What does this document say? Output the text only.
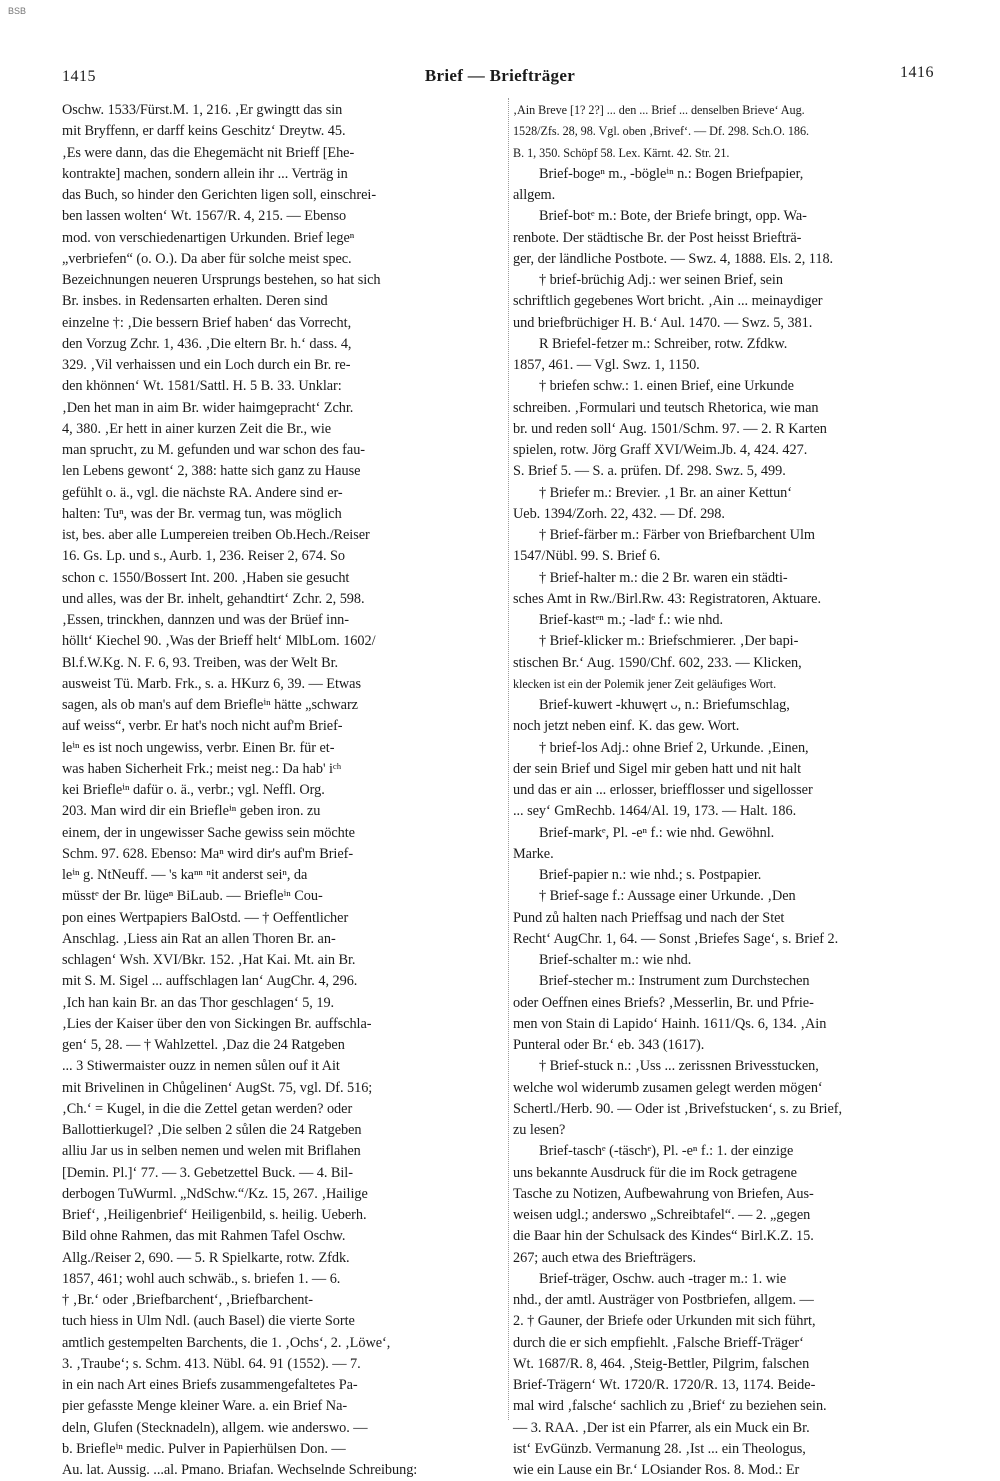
BSB
1415	Brief — Briefträger	1416
Oschw. 1533/Fürst.M. 1, 216. ‚Er gwingtt das sin
mit Bryffenn, er darff keins Geschitz‘ Dreytw. 45.
‚Es were dann, das die Ehegemächt nit Brieff [Ehe-
kontrakte] machen, sondern allein ihr ... Verträg in
das Buch, so hinder den Gerichten ligen soll, einschrei-
ben lassen wolten‘ Wt. 1567/R. 4, 215. — Ebenso
mod. von verschiedenartigen Urkunden. Brief legeⁿ
„verbriefen“ (o. O.). Da aber für solche meist spec.
Bezeichnungen neueren Ursprungs bestehen, so hat sich
Br. insbes. in Redensarten erhalten. Deren sind
einzelne †: ‚Die bessern Brief haben‘ das Vorrecht,
den Vorzug Zchr. 1, 436. ‚Die eltern Br. h.‘ dass. 4,
329. ‚Vil verhaissen und ein Loch durch ein Br. re-
den khönnen‘ Wt. 1581/Sattl. H. 5 B. 33. Unklar:
‚Den het man in aim Br. wider haimgepracht‘ Zchr.
4, 380. ‚Er hett in ainer kurzen Zeit die Br., wie
man spruchτ, zu M. gefunden und war schon des fau-
len Lebens gewont‘ 2, 388: hatte sich ganz zu Hause
gefühlt o. ä., vgl. die nächste RA. Andere sind er-
halten: Tuⁿ, was der Br. vermag tun, was möglich
ist, bes. aber alle Lumpereien treiben Ob.Hech./Reiser
16. Gs. Lp. und s., Aurb. 1, 236. Reiser 2, 674. So
schon c. 1550/Bossert Int. 200. ‚Haben sie gesucht
und alles, was der Br. inhelt, gehandtirt‘ Zchr. 2, 598.
‚Essen, trinckhen, dannzen und was der Brüef inn-
höllt‘ Kiechel 90. ‚Was der Brieff helt‘ MlbLom. 1602/
Bl.f.W.Kg. N. F. 6, 93. Treiben, was der Welt Br.
ausweist Tü. Marb. Frk., s. a. HKurz 6, 39. — Etwas
sagen, als ob man's auf dem Briefleⁱⁿ hätte „schwarz
auf weiss“, verbr. Er hat's noch nicht auf'm Brief-
leⁱⁿ es ist noch ungewiss, verbr. Einen Br. für et-
was haben Sicherheit Frk.; meist neg.: Da hab' iᶜʰ
kei Briefleⁱⁿ dafür o. ä., verbr.; vgl. Neffl. Org.
203. Man wird dir ein Briefleⁱⁿ geben iron. zu
einem, der in ungewisser Sache gewiss sein möchte
Schm. 97. 628. Ebenso: Maⁿ wird dir's auf'm Brief-
leⁱⁿ g. NtNeuff. — 's kaⁿⁿ ⁿit anderst seiⁿ, da
müsstᵉ der Br. lügeⁿ BiLaub. — Briefleⁱⁿ Cou-
pon eines Wertpapiers BalOstd. — † Oeffentlicher
Anschlag. ‚Liess ain Rat an allen Thoren Br. an-
schlagen‘ Wsh. XVI/Bkr. 152. ‚Hat Kai. Mt. ain Br.
mit S. M. Sigel ... auffschlagen lan‘ AugChr. 4, 296.
‚Ich han kain Br. an das Thor geschlagen‘ 5, 19.
‚Lies der Kaiser über den von Sickingen Br. auffschla-
gen‘ 5, 28. — † Wahlzettel. ‚Daz die 24 Ratgeben
... 3 Stiwermaister ouzz in nemen sůlen ouf it Ait
mit Brivelinen in Chůgelinen‘ AugSt. 75, vgl. Df. 516;
‚Ch.‘ = Kugel, in die die Zettel getan werden? oder
Ballottierkugel? ‚Die selben 2 sůlen die 24 Ratgeben
alliu Jar us in selben nemen und welen mit Briflahen
[Demin. Pl.]‘ 77. — 3. Gebetzettel Buck. — 4. Bil-
derbogen TuWurml. „NdSchw.“/Kz. 15, 267. ‚Hailige
Brief‘, ‚Heiligenbrief‘ Heiligenbild, s. heilig. Ueberh.
Bild ohne Rahmen, das mit Rahmen Tafel Oschw.
Allg./Reiser 2, 690. — 5. R Spielkarte, rotw. Zfdk.
1857, 461; wohl auch schwäb., s. briefen 1. — 6.
† ‚Br.‘ oder ‚Briefbarchent‘, ‚Briefbarchent-
tuch hiess in Ulm Ndl. (auch Basel) die vierte Sorte
amtlich gestempelten Barchents, die 1. ‚Ochs‘, 2. ‚Löwe‘,
3. ‚Traube‘; s. Schm. 413. Nübl. 64. 91 (1552). — 7.
in ein nach Art eines Briefs zusammengefaltetes Pa-
pier gefasste Menge kleiner Ware. a. ein Brief Na-
deln, Glufen (Stecknadeln), allgem. wie anderswo. —
b. Briefleⁱⁿ medic. Pulver in Papierhülsen Don. —
Au. lat. Aussig. ...al. Pmano. Briafan. Wechselnde Schreibung:
‚Ain Breve [1? 2?] ... den ... Brief ... denselben Brieve‘ Aug.
1528/Zfs. 28, 98. Vgl. oben ‚Brivef‘. — Df. 298. Sch.O. 186.
B. 1, 350. Schöpf 58. Lex. Kärnt. 42. Str. 21.
Brief-bogeⁿ m., -bögleⁱⁿ n.: Bogen Briefpapier,
allgem.
Brief-botᵉ m.: Bote, der Briefe bringt, opp. Wa-
renbote. Der städtische Br. der Post heisst Briefträ-
ger, der ländliche Postbote. — Swz. 4, 1888. Els. 2, 118.
† brief-brüchig Adj.: wer seinen Brief, sein
schriftlich gegebenes Wort bricht. ‚Ain ... meinaydiger
und briefbrüchiger H. B.‘ Aul. 1470. — Swz. 5, 381.
R Briefel-fetzer m.: Schreiber, rotw. Zfdkw.
1857, 461. — Vgl. Swz. 1, 1150.
† briefen schw.: 1. einen Brief, eine Urkunde
schreiben. ‚Formulari und teutsch Rhetorica, wie man
br. und reden soll‘ Aug. 1501/Schm. 97. — 2. R Karten
spielen, rotw. Jörg Graff XVI/Weim.Jb. 4, 424. 427.
S. Brief 5. — S. a. prüfen. Df. 298. Swz. 5, 499.
† Briefer m.: Brevier. ‚1 Br. an ainer Kettun‘
Ueb. 1394/Zorh. 22, 432. — Df. 298.
† Brief-färber m.: Färber von Briefbarchent Ulm
1547/Nübl. 99. S. Brief 6.
† Brief-halter m.: die 2 Br. waren ein städti-
sches Amt in Rw./Birl.Rw. 43: Registratoren, Aktuare.
Brief-kastᵉⁿ m.; -ladᵉ f.: wie nhd.
† Brief-klicker m.: Briefschmierer. ‚Der bapi-
stischen Br.‘ Aug. 1590/Chf. 602, 233. — Klicken,
klecken ist ein der Polemik jener Zeit geläufiges Wort.
Brief-kuwert -khuwęrt ᴗ, n.: Briefumschlag,
noch jetzt neben einf. K. das gew. Wort.
† brief-los Adj.: ohne Brief 2, Urkunde. ‚Einen,
der sein Brief und Sigel mir geben hatt und nit halt
und das er ain ... erlosser, briefflosser und sigellosser
... sey‘ GmRechb. 1464/Al. 19, 173. — Halt. 186.
Brief-markᵉ, Pl. -eⁿ f.: wie nhd. Gewöhnl.
Marke.
Brief-papier n.: wie nhd.; s. Postpapier.
† Brief-sage f.: Aussage einer Urkunde. ‚Den
Pund zů halten nach Prieffsag und nach der Stet
Recht‘ AugChr. 1, 64. — Sonst ‚Briefes Sage‘, s. Brief 2.
Brief-schalter m.: wie nhd.
Brief-stecher m.: Instrument zum Durchstechen
oder Oeffnen eines Briefs? ‚Messerlin, Br. und Pfrie-
men von Stain di Lapido‘ Hainh. 1611/Qs. 6, 134. ‚Ain
Punteral oder Br.‘ eb. 343 (1617).
† Brief-stuck n.: ‚Uss ... zerissnen Brivesstucken,
welche wol widerumb zusamen gelegt werden mögen‘
Schertl./Herb. 90. — Oder ist ‚Brivefstucken‘, s. zu Brief,
zu lesen?
Brief-taschᵉ (-täschᵉ), Pl. -eⁿ f.: 1. der einzige
uns bekannte Ausdruck für die im Rock getragene
Tasche zu Notizen, Aufbewahrung von Briefen, Aus-
weisen udgl.; anderswo „Schreibtafel“. — 2. „gegen
die Baar hin der Schulsack des Kindes“ Birl.K.Z. 15.
267; auch etwa des Briefträgers.
Brief-träger, Oschw. auch -trager m.: 1. wie
nhd., der amtl. Austräger von Postbriefen, allgem. —
2. † Gauner, der Briefe oder Urkunden mit sich führt,
durch die er sich empfiehlt. ‚Falsche Brieff-Träger‘
Wt. 1687/R. 8, 464. ‚Steig-Bettler, Pilgrim, falschen
Brief-Trägern‘ Wt. 1720/R. 1720/R. 13, 1174. Beide-
mal wird ‚falsche‘ sachlich zu ‚Brief‘ zu beziehen sein.
— 3. RAA. ‚Der ist ein Pfarrer, als ein Muck ein Br.
ist‘ EvGünzb. Vermanung 28. ‚Ist ... ein Theologus,
wie ein Lause ein Br.‘ LOsiander Ros. 8. Mod.: Er
